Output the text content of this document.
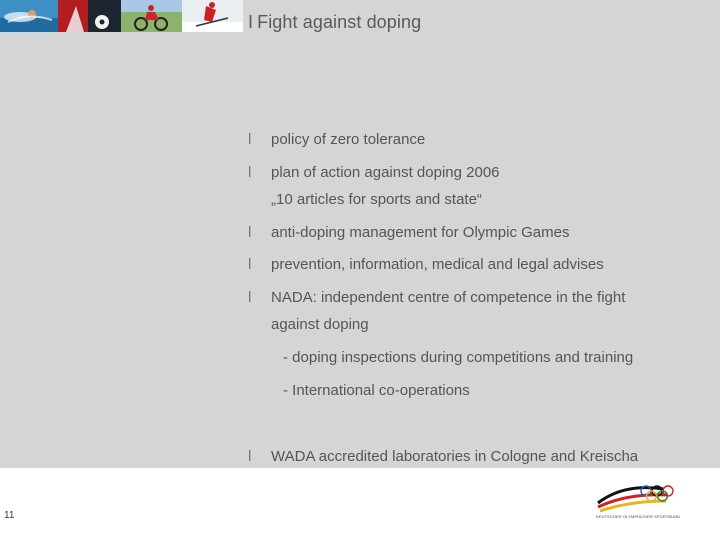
I Fight against doping
l policy of zero tolerance
l plan of action against doping 2006
„10 articles for sports and state“
l anti-doping management for Olympic Games
l prevention, information, medical and legal advises
l NADA: independent centre of competence in the fight
against doping
- doping inspections during competitions and training
- International co-operations
l WADA accredited laboratories in Cologne and Kreischa
11	DEUTSCHER OLYMPISCHER SPORTBUND
